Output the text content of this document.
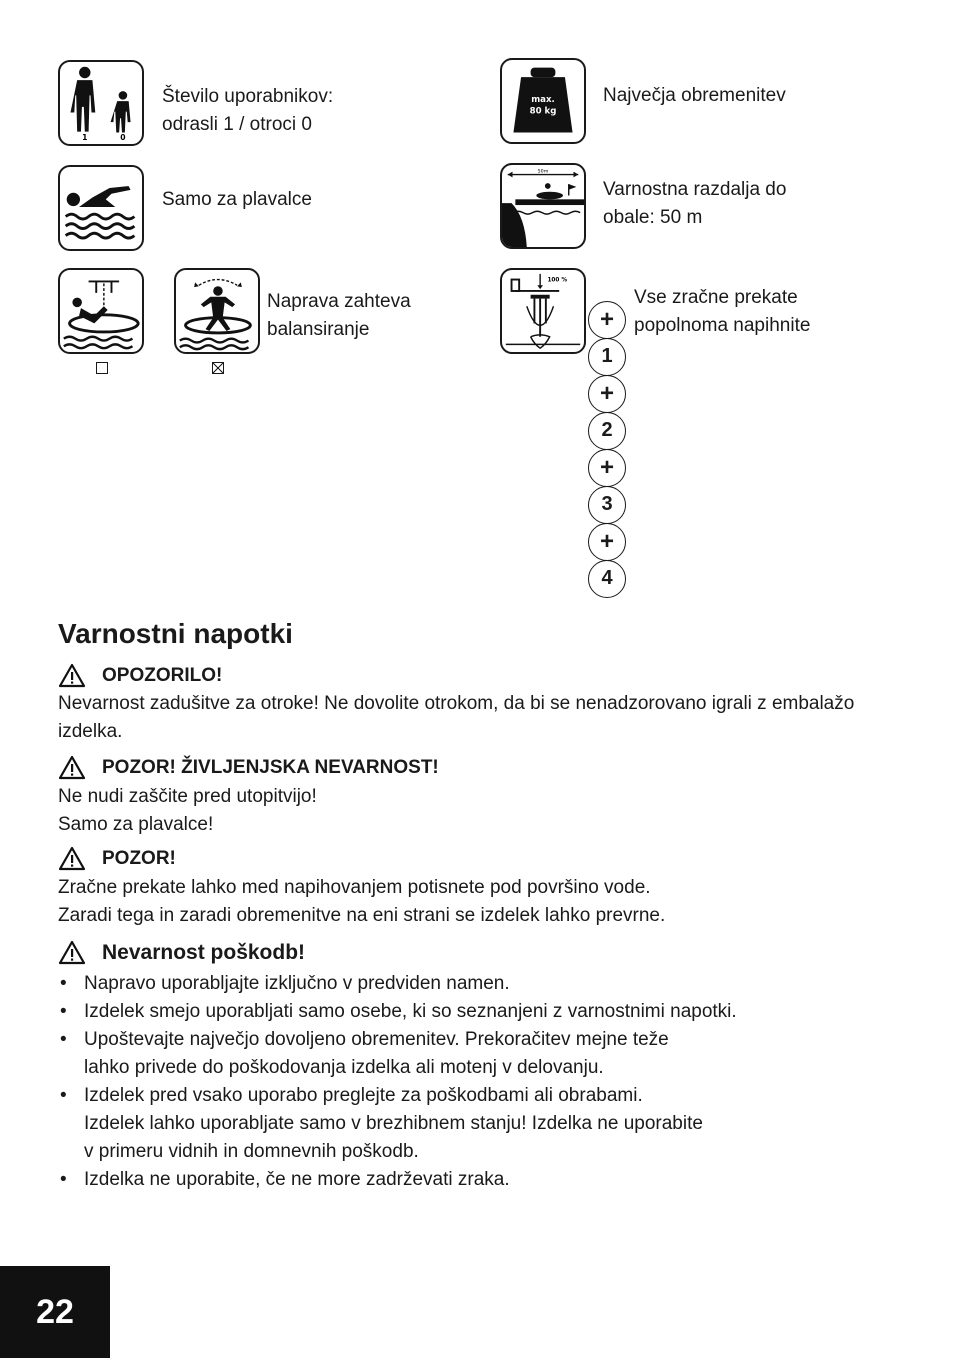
1	0
Število uporabnikov:
odrasli 1 / otroci 0
Samo za plavalce
Naprava zahteva
balansiranje
max.
80 kg
Največja obremenitev
50m
Varnostna razdalja do
obale: 50 m
100 %
Vse zračne prekate
popolnoma napihnite
+
1
+
2
+
3
+
4
Varnostni napotki
OPOZORILO!
Nevarnost zadušitve za otroke! Ne dovolite otrokom, da bi se nenadzorovano igrali z embalažo izdelka.
POZOR! ŽIVLJENJSKA NEVARNOST!
Ne nudi zaščite pred utopitvijo!
Samo za plavalce!
POZOR!
Zračne prekate lahko med napihovanjem potisnete pod površino vode.
Zaradi tega in zaradi obremenitve na eni strani se izdelek lahko prevrne.
Nevarnost poškodb!
• Napravo uporabljajte izključno v predviden namen.
• Izdelek smejo uporabljati samo osebe, ki so seznanjeni z varnostnimi napotki.
• Upoštevajte največjo dovoljeno obremenitev. Prekoračitev mejne teže
lahko privede do poškodovanja izdelka ali motenj v delovanju.
• Izdelek pred vsako uporabo preglejte za poškodbami ali obrabami.
Izdelek lahko uporabljate samo v brezhibnem stanju! Izdelka ne uporabite
v primeru vidnih in domnevnih poškodb.
• Izdelka ne uporabite, če ne more zadrževati zraka.
22
